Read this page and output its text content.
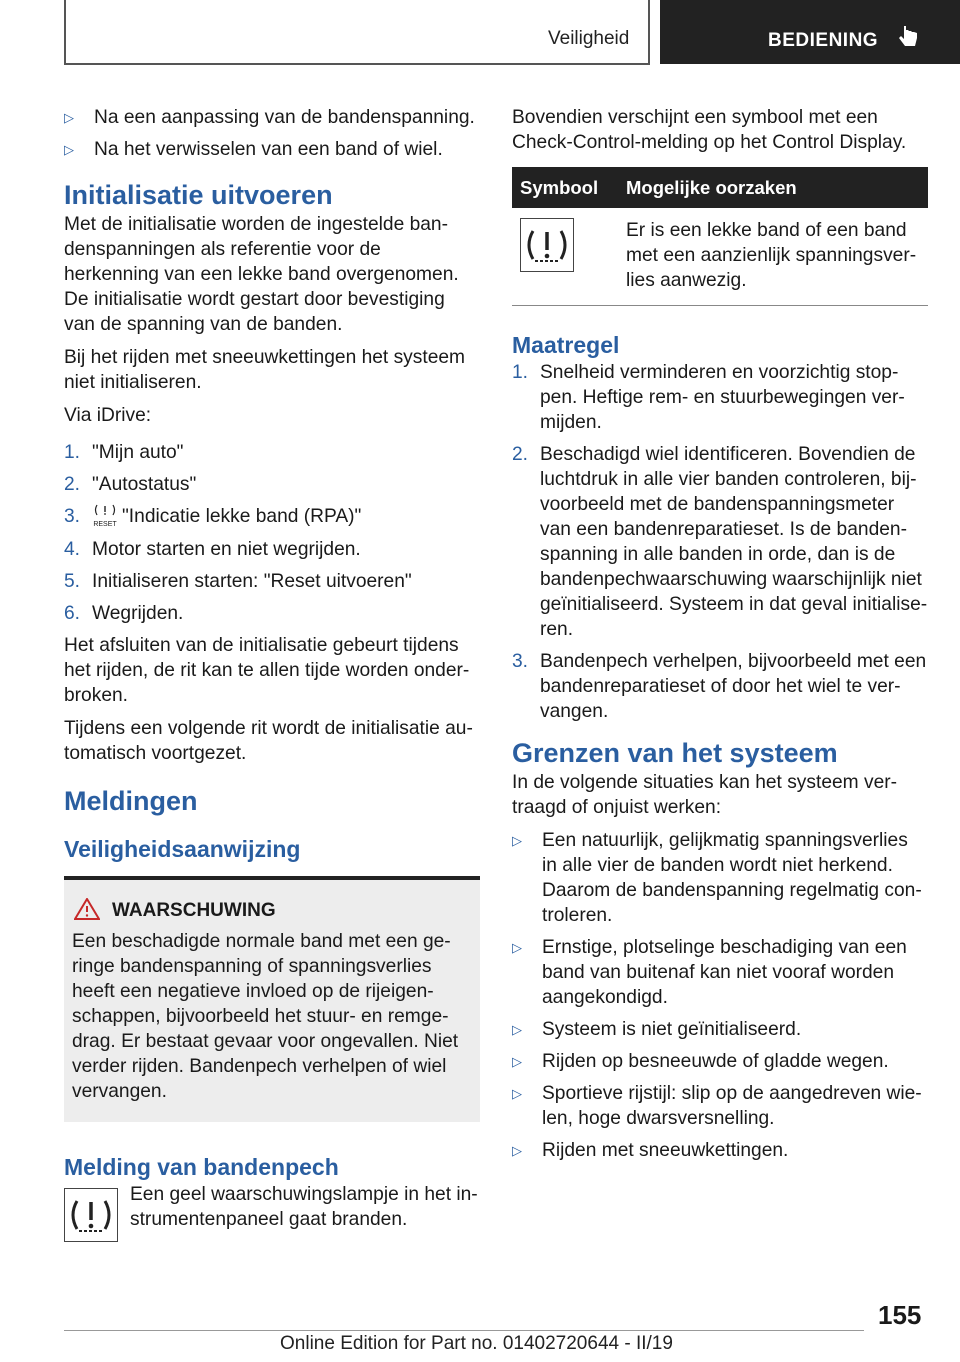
Veiligheid	BEDIENING
▷ Na een aanpassing van de bandenspanning.
▷ Na het verwisselen van een band of wiel.
Initialisatie uitvoeren

Met de initialisatie worden de ingestelde ban-denspanningen als referentie voor de herkenning van een lekke band overgenomen. De initialisatie wordt gestart door bevestiging van de spanning van de banden.

Bij het rijden met sneeuwkettingen het systeem niet initialiseren.

Via iDrive:

1. "Mijn auto"
2. "Autostatus"
3. RESET "Indicatie lekke band (RPA)"
4. Motor starten en niet wegrijden.
5. Initialiseren starten: "Reset uitvoeren"
6. Wegrijden.

Het afsluiten van de initialisatie gebeurt tijdens het rijden, de rit kan te allen tijde worden onder-broken.

Tijdens een volgende rit wordt de initialisatie au-tomatisch voortgezet.

Meldingen
Veiligheidsaanwijzing
WAARSCHUWING
Een beschadigde normale band met een ge-ringe bandenspanning of spanningsverlies heeft een negatieve invloed op de rijeigen-schappen, bijvoorbeeld het stuur- en remge-drag. Er bestaat gevaar voor ongevallen. Niet verder rijden. Bandenpech verhelpen of wiel vervangen.
Melding van bandenpech
Een geel waarschuwingslampje in het in-strumentenpaneel gaat branden.

Bovendien verschijnt een symbool met een Check-Control-melding op het Control Display.

Symbool	Mogelijke oorzaken
	Er is een lekke band of een band met een aanzienlijk spanningsver-lies aanwezig.
Maatregel
1. Snelheid verminderen en voorzichtig stop-pen. Heftige rem- en stuurbewegingen ver-mijden.
2. Beschadigd wiel identificeren. Bovendien de luchtdruk in alle vier banden controleren, bij-voorbeeld met de bandenspanningsmeter van een bandenreparatieset. Is de banden-spanning in alle banden in orde, dan is de bandenpechwaarschuwing waarschijnlijk niet geïnitialiseerd. Systeem in dat geval initialise-ren.
3. Bandenpech verhelpen, bijvoorbeeld met een bandenreparatieset of door het wiel te ver-vangen.
Grenzen van het systeem

In de volgende situaties kan het systeem ver-traagd of onjuist werken:

▷ Een natuurlijk, gelijkmatig spanningsverlies in alle vier de banden wordt niet herkend. Daarom de bandenspanning regelmatig con-troleren.
▷ Ernstige, plotselinge beschadiging van een band van buitenaf kan niet vooraf worden aangekondigd.
▷ Systeem is niet geïnitialiseerd.
▷ Rijden op besneeuwde of gladde wegen.
▷ Sportieve rijstijl: slip op de aangedreven wie-len, hoge dwarsversnelling.
▷ Rijden met sneeuwkettingen.
155
Online Edition for Part no. 01402720644 - II/19
